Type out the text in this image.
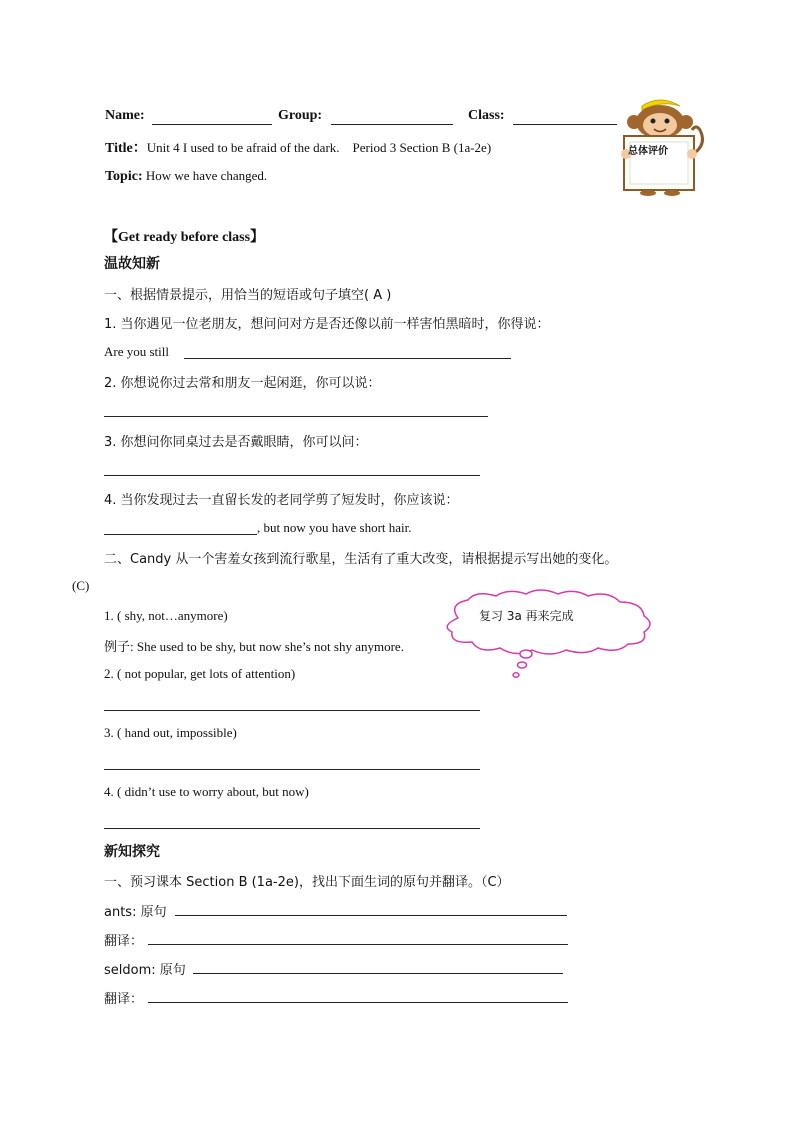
Name:	Group:	Class:
Title：Unit 4 I used to be afraid of the dark.    Period 3 Section B (1a-2e)
Topic: How we have changed.
总体评价
【Get ready before class】
温故知新
一、根据情景提示，用恰当的短语或句子填空( A )
1. 当你遇见一位老朋友，想问问对方是否还像以前一样害怕黑暗时，你得说：
Are you still
2. 你想说你过去常和朋友一起闲逛，你可以说：
3. 你想问你同桌过去是否戴眼睛，你可以问：
4. 当你发现过去一直留长发的老同学剪了短发时，你应该说：
, but now you have short hair.
二、Candy 从一个害羞女孩到流行歌星，生活有了重大改变，请根据提示写出她的变化。
(C)
1. ( shy, not…anymore)
例子: She used to be shy, but now she’s not shy anymore.
复习 3a 再来完成
2. ( not popular, get lots of attention)
3. ( hand out, impossible)
4. ( didn’t use to worry about, but now)
新知探究
一、预习课本 Section B (1a-2e)，找出下面生词的原句并翻译。（C）
ants: 原句
翻译：
seldom: 原句
翻译：
